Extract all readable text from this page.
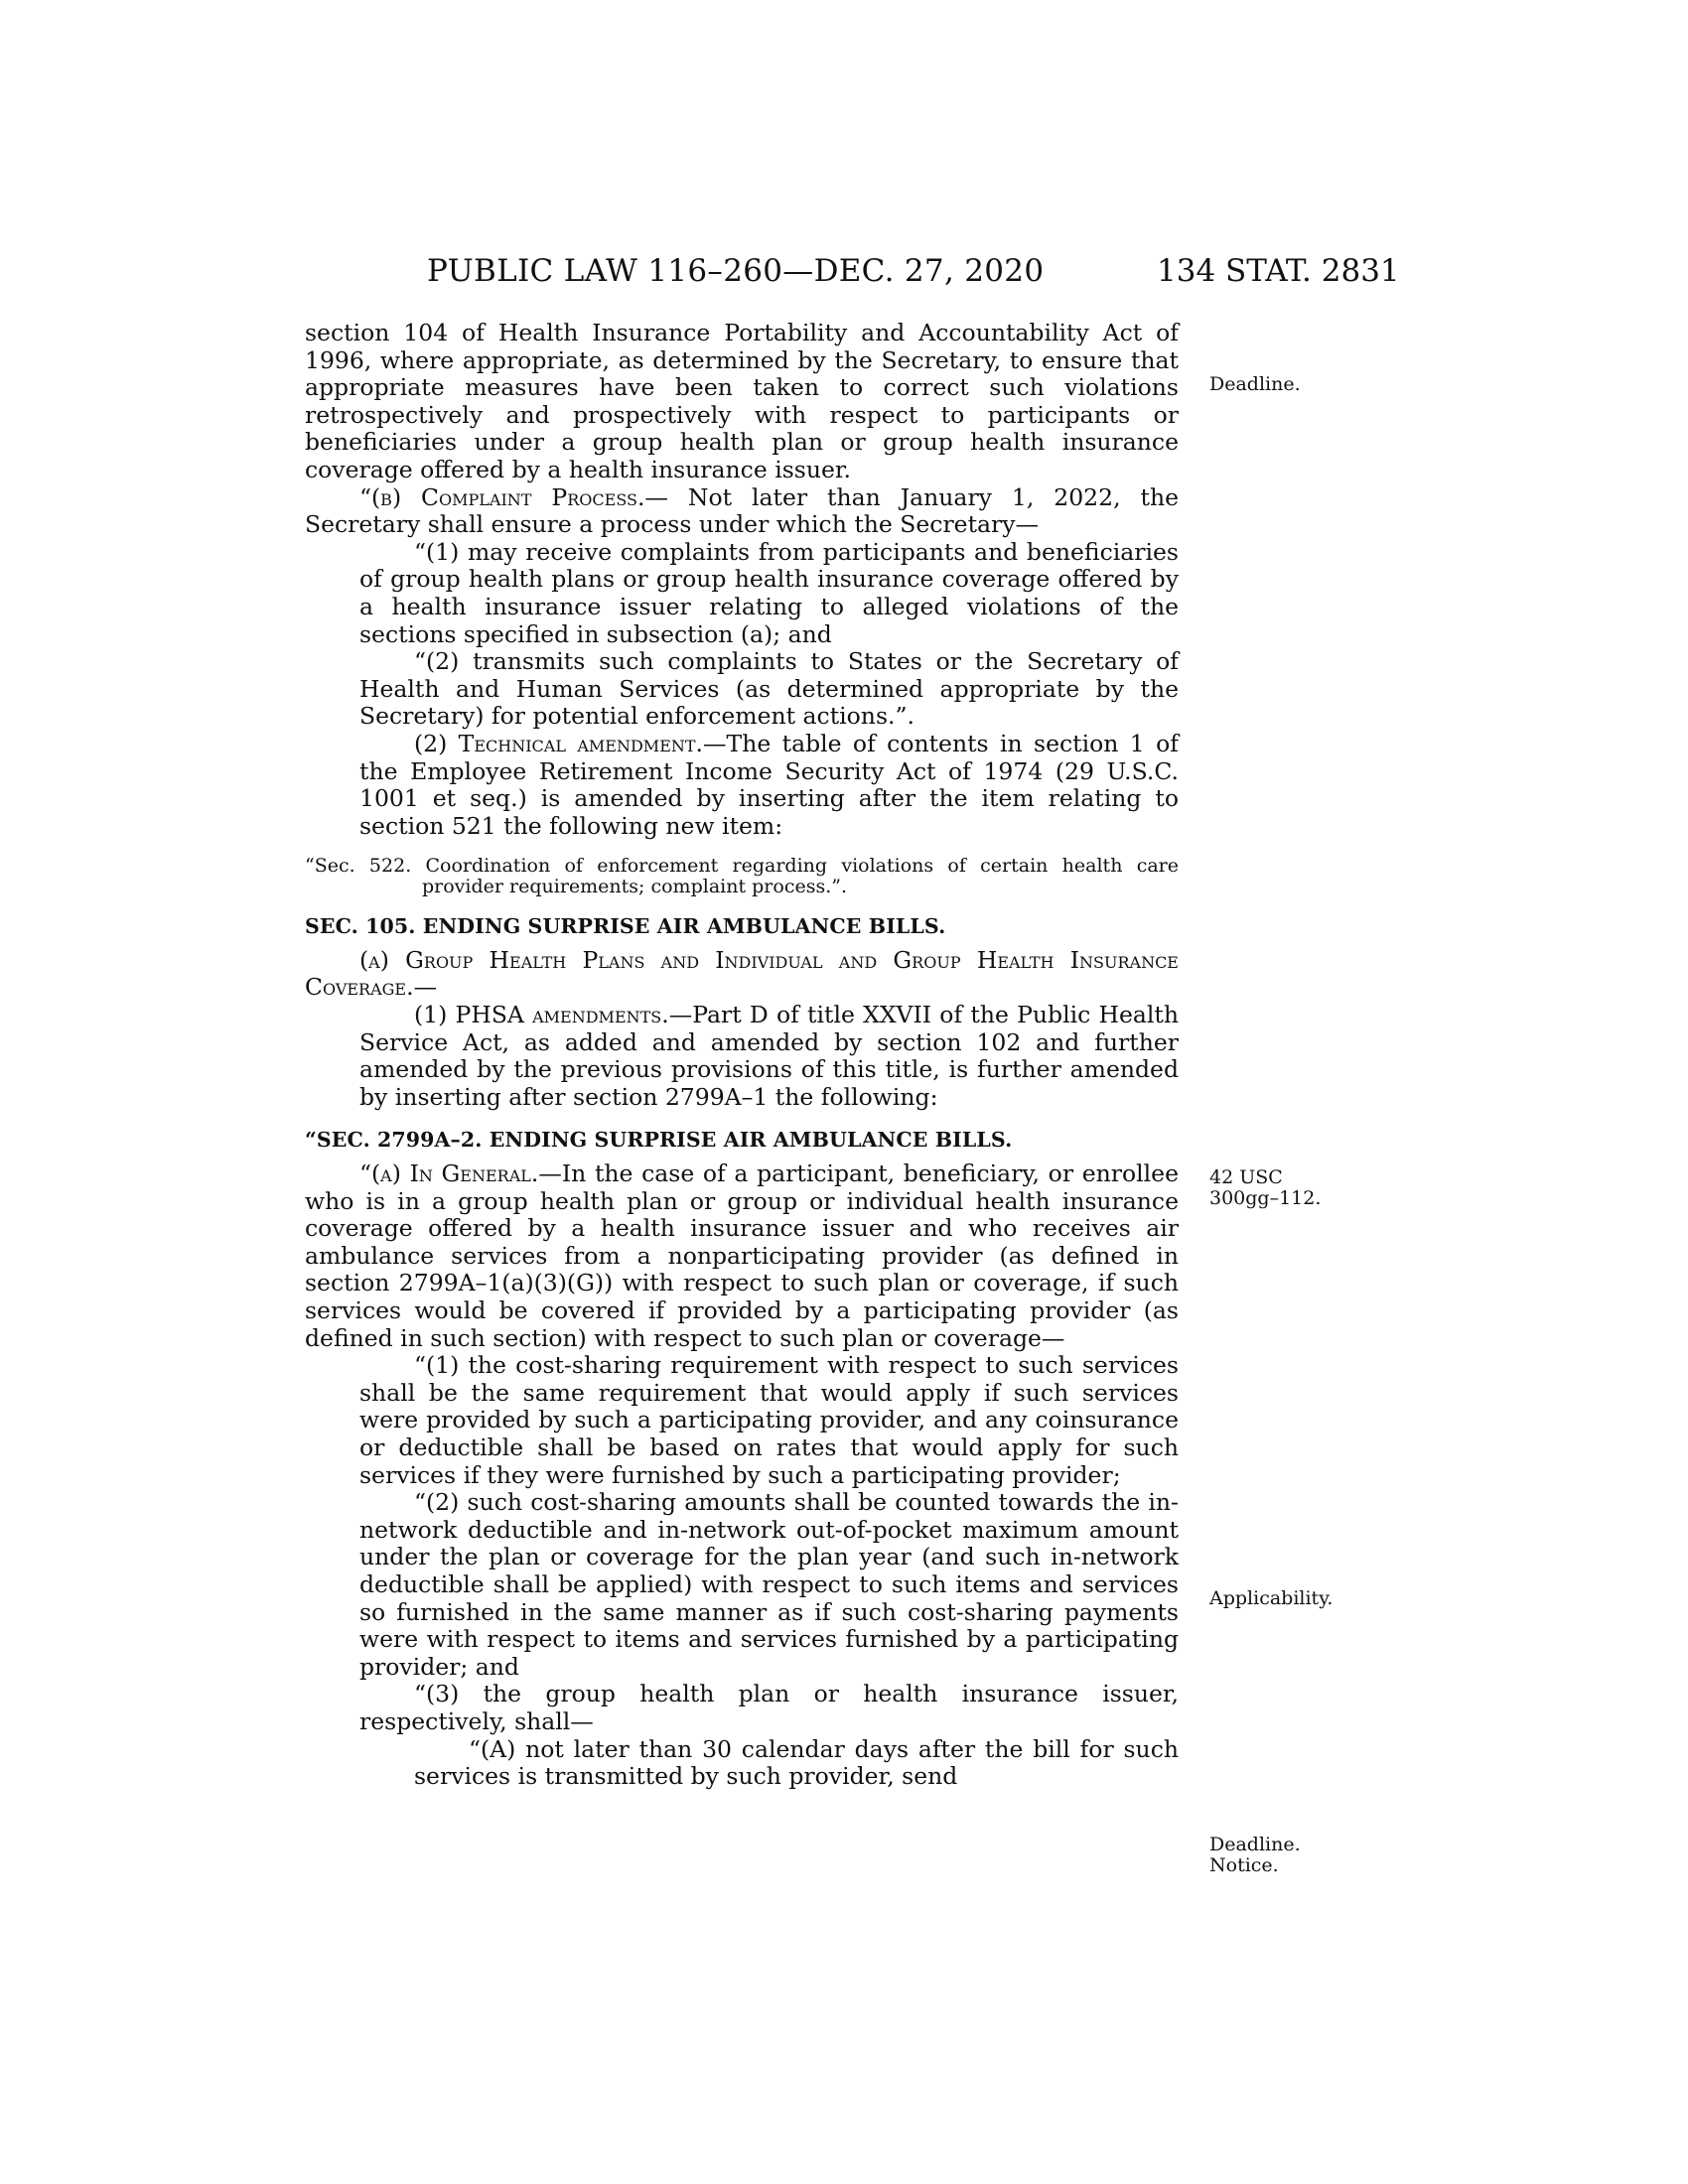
PUBLIC LAW 116–260—DEC. 27, 2020	134 STAT. 2831

section 104 of Health Insurance Portability and Accountability Act of 1996, where appropriate, as determined by the Secretary, to ensure that appropriate measures have been taken to correct such violations retrospectively and prospectively with respect to participants or beneficiaries under a group health plan or group health insurance coverage offered by a health insurance issuer.

“(b) Complaint Process.— Not later than January 1, 2022, the Secretary shall ensure a process under which the Secretary—

“(1) may receive complaints from participants and beneficiaries of group health plans or group health insurance coverage offered by a health insurance issuer relating to alleged violations of the sections specified in subsection (a); and

“(2) transmits such complaints to States or the Secretary of Health and Human Services (as determined appropriate by the Secretary) for potential enforcement actions.”.

(2) Technical amendment.—The table of contents in section 1 of the Employee Retirement Income Security Act of 1974 (29 U.S.C. 1001 et seq.) is amended by inserting after the item relating to section 521 the following new item:

“Sec. 522. Coordination of enforcement regarding violations of certain health care provider requirements; complaint process.”.

SEC. 105. ENDING SURPRISE AIR AMBULANCE BILLS.

(a) Group Health Plans and Individual and Group Health Insurance Coverage.—

(1) PHSA amendments.—Part D of title XXVII of the Public Health Service Act, as added and amended by section 102 and further amended by the previous provisions of this title, is further amended by inserting after section 2799A–1 the following:

“SEC. 2799A–2. ENDING SURPRISE AIR AMBULANCE BILLS.

“(a) In General.—In the case of a participant, beneficiary, or enrollee who is in a group health plan or group or individual health insurance coverage offered by a health insurance issuer and who receives air ambulance services from a nonparticipating provider (as defined in section 2799A–1(a)(3)(G)) with respect to such plan or coverage, if such services would be covered if provided by a participating provider (as defined in such section) with respect to such plan or coverage—

“(1) the cost-sharing requirement with respect to such services shall be the same requirement that would apply if such services were provided by such a participating provider, and any coinsurance or deductible shall be based on rates that would apply for such services if they were furnished by such a participating provider;

“(2) such cost-sharing amounts shall be counted towards the in-network deductible and in-network out-of-pocket maximum amount under the plan or coverage for the plan year (and such in-network deductible shall be applied) with respect to such items and services so furnished in the same manner as if such cost-sharing payments were with respect to items and services furnished by a participating provider; and

“(3) the group health plan or health insurance issuer, respectively, shall—

“(A) not later than 30 calendar days after the bill for such services is transmitted by such provider, send

Deadline.
42 USC
300gg–112.
Applicability.
Deadline.
Notice.
